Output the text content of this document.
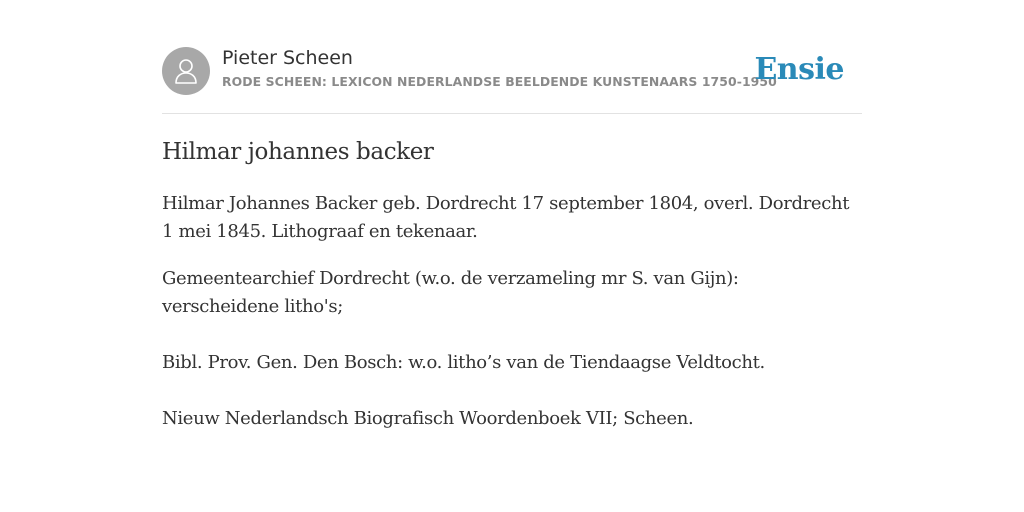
Pieter Scheen
RODE SCHEEN: LEXICON NEDERLANDSE BEELDENDE KUNSTENAARS 1750-1950
Ensie
Hilmar johannes backer

Hilmar Johannes Backer geb. Dordrecht 17 september 1804, overl. Dordrecht 1 mei 1845. Lithograaf en tekenaar.

Gemeentearchief Dordrecht (w.o. de verzameling mr S. van Gijn): verscheidene litho's;

Bibl. Prov. Gen. Den Bosch: w.o. litho’s van de Tiendaagse Veldtocht.

Nieuw Nederlandsch Biografisch Woordenboek VII; Scheen.
